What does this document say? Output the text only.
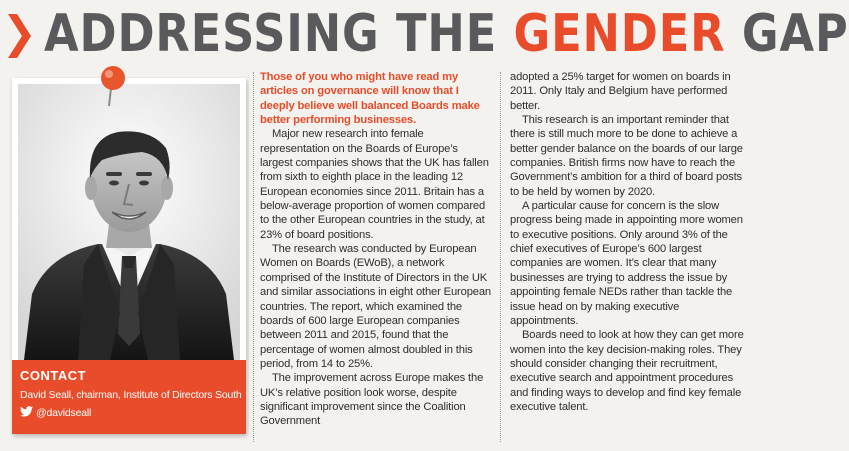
ADDRESSING THE GENDER GAP
CONTACT
David Seall, chairman, Institute of Directors South
@davidseall

Those of you who might have read my articles on governance will know that I deeply believe well balanced Boards make better performing businesses.

Major new research into female representation on the Boards of Europe’s largest companies shows that the UK has fallen from sixth to eighth place in the leading 12 European economies since 2011. Britain has a below-average proportion of women compared to the other European countries in the study, at 23% of board positions.

The research was conducted by European Women on Boards (EWoB), a network comprised of the Institute of Directors in the UK and similar associations in eight other European countries. The report, which examined the boards of 600 large European companies between 2011 and 2015, found that the percentage of women almost doubled in this period, from 14 to 25%.

The improvement across Europe makes the UK’s relative position look worse, despite significant improvement since the Coalition Government

adopted a 25% target for women on boards in 2011. Only Italy and Belgium have performed better.

This research is an important reminder that there is still much more to be done to achieve a better gender balance on the boards of our large companies. British firms now have to reach the Government’s ambition for a third of board posts to be held by women by 2020.

A particular cause for concern is the slow progress being made in appointing more women to executive positions. Only around 3% of the chief executives of Europe’s 600 largest companies are women. It’s clear that many businesses are trying to address the issue by appointing female NEDs rather than tackle the issue head on by making executive appointments.

Boards need to look at how they can get more women into the key decision-making roles. They should consider changing their recruitment, executive search and appointment procedures and finding ways to develop and find key female executive talent.
